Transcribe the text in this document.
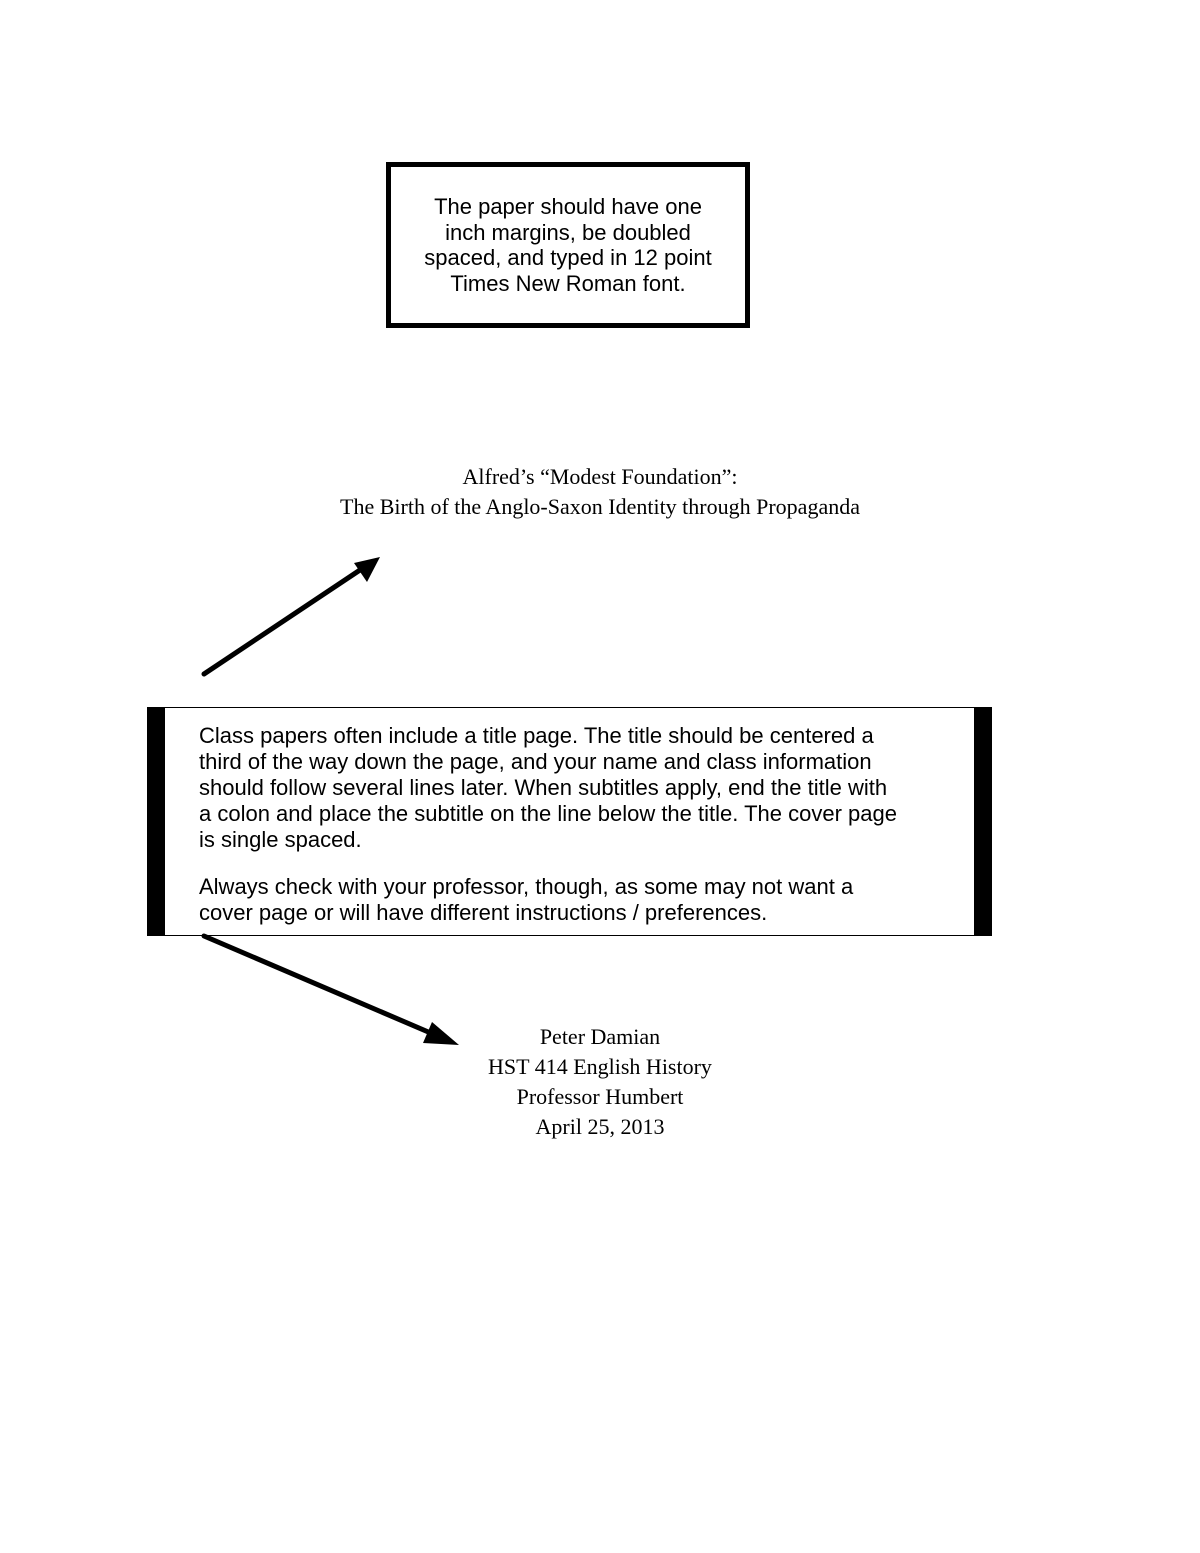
The paper should have one
inch margins, be doubled
spaced, and typed in 12 point
Times New Roman font.
Alfred’s “Modest Foundation”:
The Birth of the Anglo-Saxon Identity through Propaganda
Class papers often include a title page. The title should be centered a
third of the way down the page, and your name and class information
should follow several lines later. When subtitles apply, end the title with
a colon and place the subtitle on the line below the title. The cover page
is single spaced.
Always check with your professor, though, as some may not want a
cover page or will have different instructions / preferences.
Peter Damian
HST 414 English History
Professor Humbert
April 25, 2013
